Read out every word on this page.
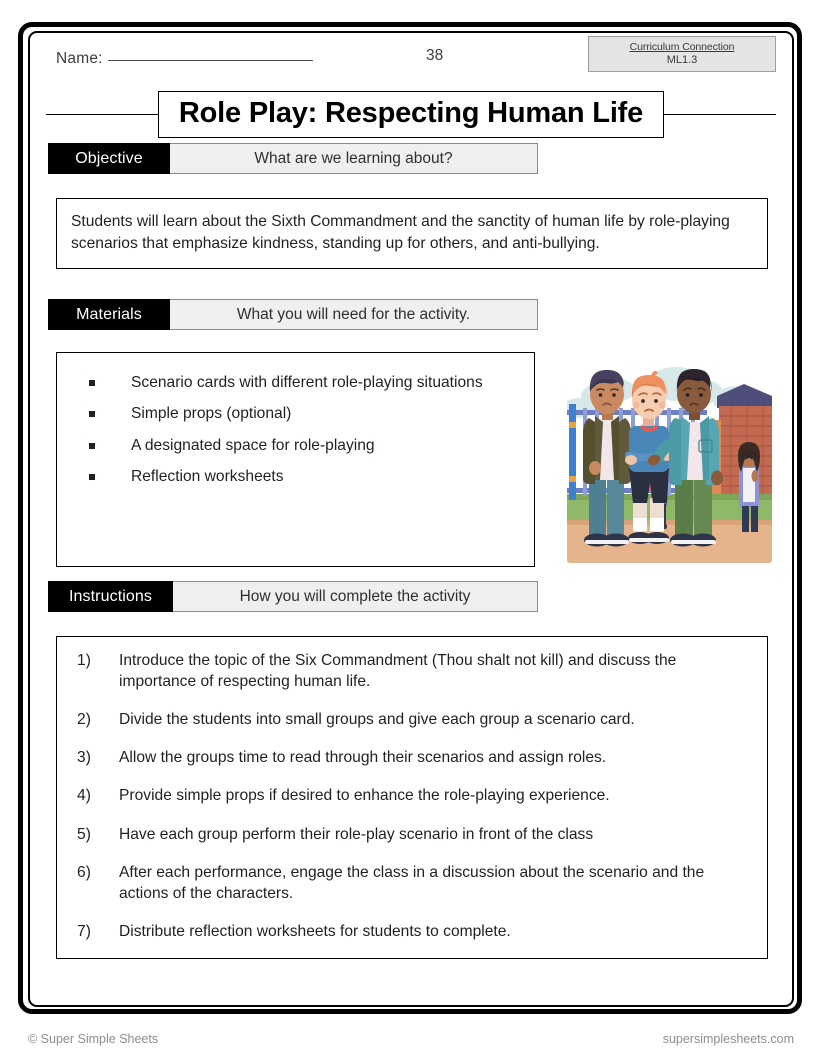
Name:	38
Curriculum Connection
ML1.3
Role Play: Respecting Human Life
Objective	What are we learning about?

Students will learn about the Sixth Commandment and the sanctity of human life by role-playing scenarios that emphasize kindness, standing up for others, and anti-bullying.

Materials	What you will need for the activity.
Scenario cards with different role-playing situations
Simple props (optional)
A designated space for role-playing
Reflection worksheets
Instructions	How you will complete the activity
Introduce the topic of the Six Commandment (Thou shalt not kill) and discuss the importance of respecting human life.
Divide the students into small groups and give each group a scenario card.
Allow the groups time to read through their scenarios and assign roles.
Provide simple props if desired to enhance the role-playing experience.
Have each group perform their role-play scenario in front of the class
After each performance, engage the class in a discussion about the scenario and the actions of the characters.
Distribute reflection worksheets for students to complete.
© Super Simple Sheets	supersimplesheets.com
